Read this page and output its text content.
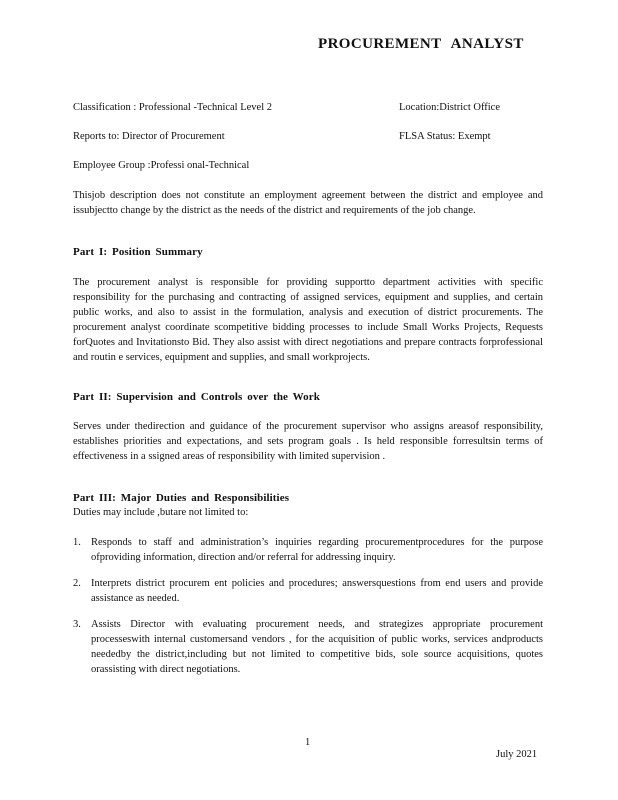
PROCUREMENT ANALYST
Classification : Professional -Technical Level 2	Location:District Office
Reports to: Director of Procurement	FLSA Status: Exempt
Employee Group :Professi onal-Technical
Thisjob description does not constitute an employment agreement between the district and employee and issubjectto change by the district as the needs of the district and requirements of the job change.
Part I: Position Summary
The procurement analyst is responsible for providing supportto department activities with specific responsibility for the purchasing and contracting of assigned services, equipment and supplies, and certain public works, and also to assist in the formulation, analysis and execution of district procurements. The procurement analyst coordinate scompetitive bidding processes to include Small Works Projects, Requests forQuotes and Invitationsto Bid. They also assist with direct negotiations and prepare contracts forprofessional and routin e services, equipment and supplies, and small workprojects.
Part II: Supervision and Controls over the Work
Serves under thedirection and guidance of the procurement supervisor who assigns areasof responsibility, establishes priorities and expectations, and sets program goals . Is held responsible forresultsin terms of effectiveness in a ssigned areas of responsibility with limited supervision .
Part III: Major Duties and Responsibilities
Duties may include ,butare not limited to:
1. Responds to staff and administration’s inquiries regarding procurementprocedures for the purpose ofproviding information, direction and/or referral for addressing inquiry.
2. Interprets district procurem ent policies and procedures; answersquestions from end users and provide assistance as needed.
3. Assists Director with evaluating procurement needs, and strategizes appropriate procurement processeswith internal customersand vendors , for the acquisition of public works, services andproducts neededby the district,including but not limited to competitive bids, sole source acquisitions, quotes orassisting with direct negotiations.
1
July 2021
